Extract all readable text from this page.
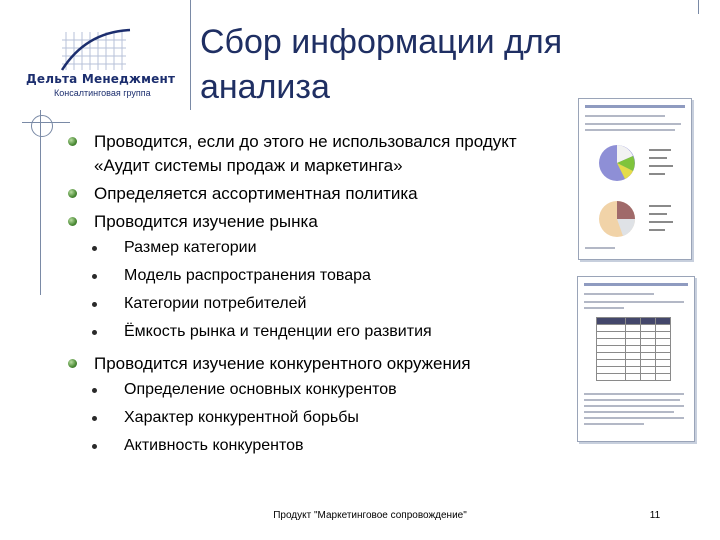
Дельта Менеджмент
Консалтинговая группа
Сбор информации для анализа
Проводится, если до этого не использовался продукт «Аудит системы продаж и маркетинга»
Определяется ассортиментная политика
Проводится изучение рынка
Размер категории
Модель распространения товара
Категории потребителей
Ёмкость рынка и тенденции его развития
Проводится изучение конкурентного окружения
Определение основных конкурентов
Характер конкурентной борьбы
Активность конкурентов

Продукт "Маркетинговое сопровождение"	11
